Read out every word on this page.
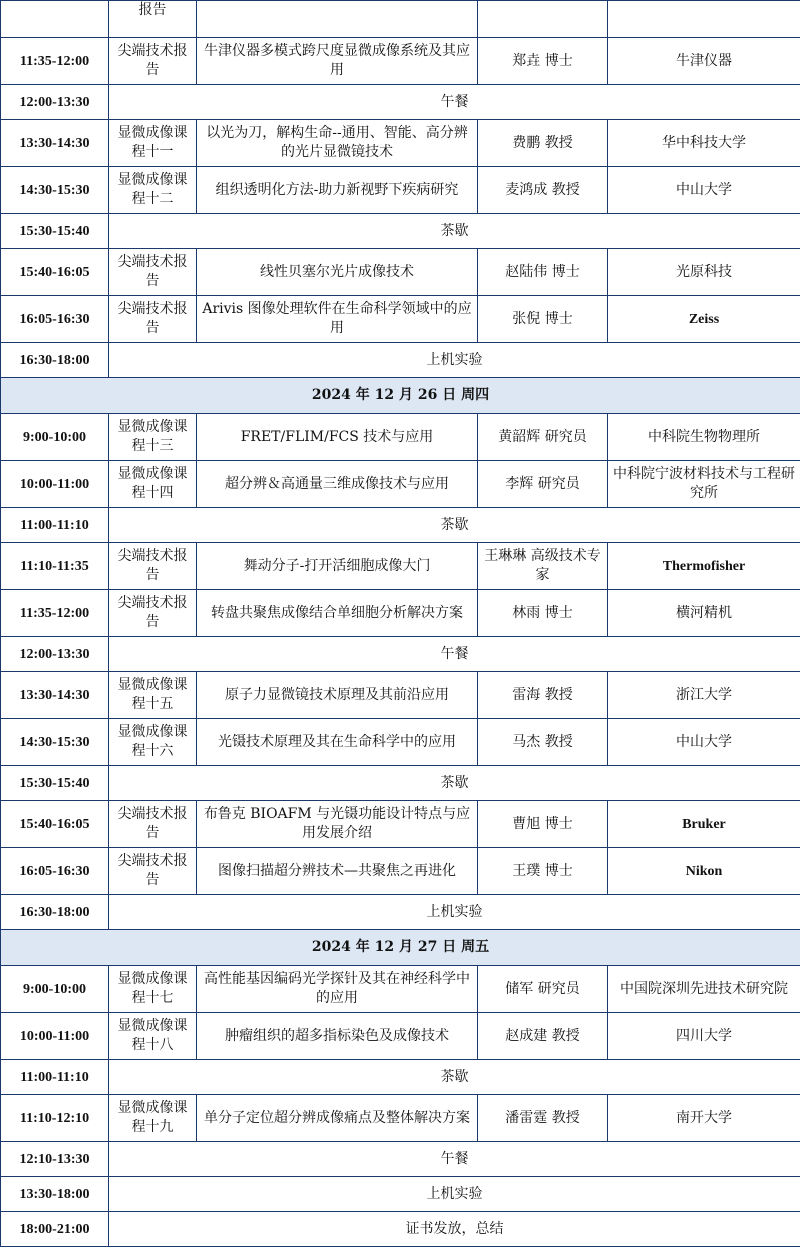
	报告			

11:35-12:00	尖端技术报告	牛津仪器多模式跨尺度显微成像系统及其应用	郑垚 博士	牛津仪器
12:00-13:30	午餐			
13:30-14:30	显微成像课程十一	以光为刀，解构生命--通用、智能、高分辨的光片显微镜技术	费鹏 教授	华中科技大学
14:30-15:30	显微成像课程十二	组织透明化方法-助力新视野下疾病研究	麦鸿成 教授	中山大学
15:30-15:40	茶歇			
15:40-16:05	尖端技术报告	线性贝塞尔光片成像技术	赵陆伟 博士	光原科技
16:05-16:30	尖端技术报告	Arivis 图像处理软件在生命科学领域中的应用	张倪 博士	Zeiss
16:30-18:00	上机实验			
2024 年 12 月 26 日 周四				
9:00-10:00	显微成像课程十三	FRET/FLIM/FCS 技术与应用	黄韶辉 研究员	中科院生物物理所
10:00-11:00	显微成像课程十四	超分辨＆高通量三维成像技术与应用	李辉 研究员	中科院宁波材料技术与工程研究所
11:00-11:10	茶歇			
11:10-11:35	尖端技术报告	舞动分子-打开活细胞成像大门	王琳琳 高级技术专家	Thermofisher
11:35-12:00	尖端技术报告	转盘共聚焦成像结合单细胞分析解决方案	林雨 博士	横河精机
12:00-13:30	午餐			
13:30-14:30	显微成像课程十五	原子力显微镜技术原理及其前沿应用	雷海 教授	浙江大学
14:30-15:30	显微成像课程十六	光镊技术原理及其在生命科学中的应用	马杰 教授	中山大学
15:30-15:40	茶歇			
15:40-16:05	尖端技术报告	布鲁克 BIOAFM 与光镊功能设计特点与应用发展介绍	曹旭 博士	Bruker
16:05-16:30	尖端技术报告	图像扫描超分辨技术—共聚焦之再进化	王璞 博士	Nikon
16:30-18:00	上机实验			
2024 年 12 月 27 日 周五				
9:00-10:00	显微成像课程十七	高性能基因编码光学探针及其在神经科学中的应用	储军 研究员	中国院深圳先进技术研究院
10:00-11:00	显微成像课程十八	肿瘤组织的超多指标染色及成像技术	赵成建 教授	四川大学
11:00-11:10	茶歇			
11:10-12:10	显微成像课程十九	单分子定位超分辨成像痛点及整体解决方案	潘雷霆 教授	南开大学
12:10-13:30	午餐			
13:30-18:00	上机实验			
18:00-21:00	证书发放，总结			
